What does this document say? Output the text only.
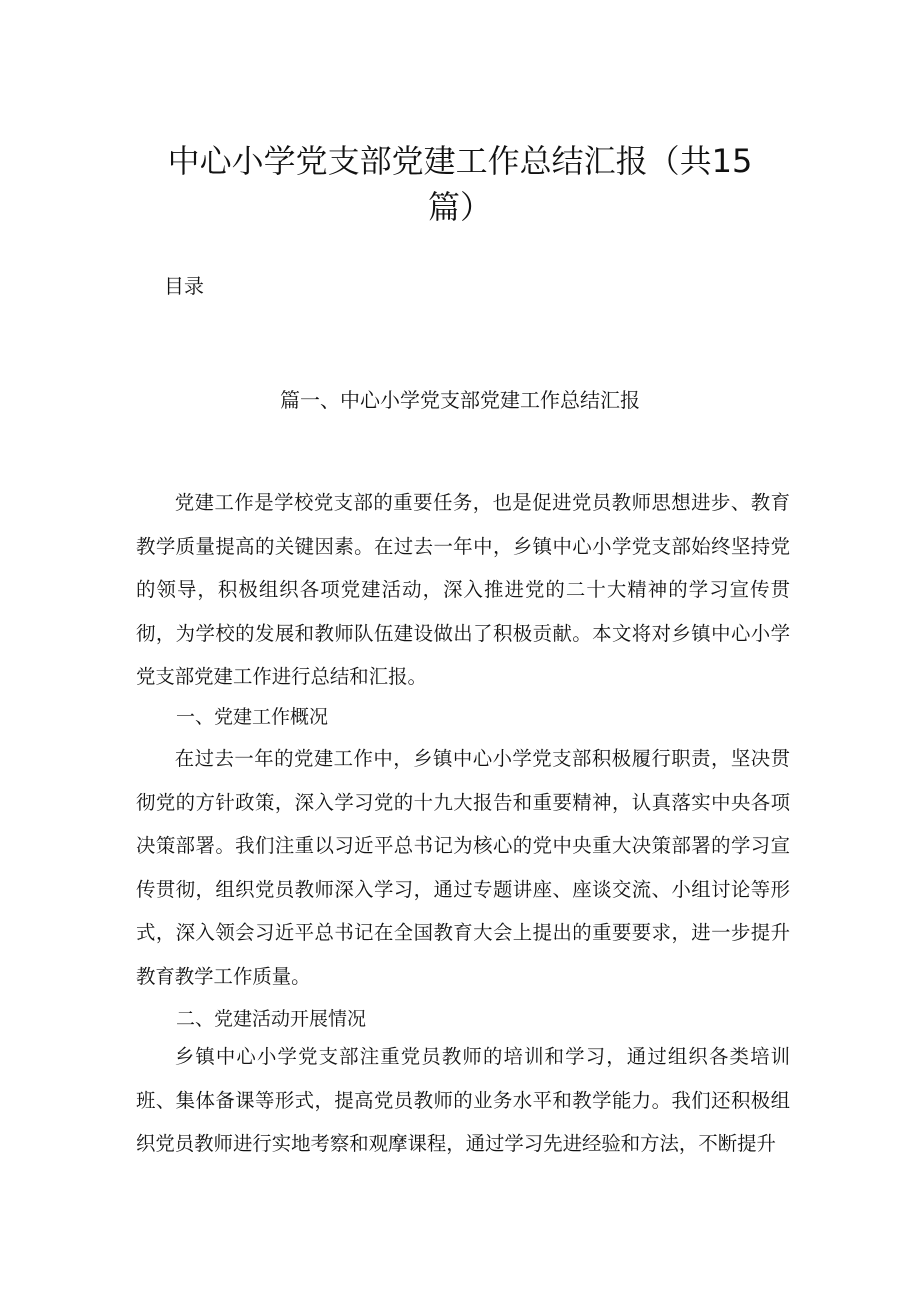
中心小学党支部党建工作总结汇报（共15篇）
目录
篇一、中心小学党支部党建工作总结汇报

党建工作是学校党支部的重要任务，也是促进党员教师思想进步、教育教学质量提高的关键因素。在过去一年中，乡镇中心小学党支部始终坚持党的领导，积极组织各项党建活动，深入推进党的二十大精神的学习宣传贯彻，为学校的发展和教师队伍建设做出了积极贡献。本文将对乡镇中心小学党支部党建工作进行总结和汇报。

一、党建工作概况

在过去一年的党建工作中，乡镇中心小学党支部积极履行职责，坚决贯彻党的方针政策，深入学习党的十九大报告和重要精神，认真落实中央各项决策部署。我们注重以习近平总书记为核心的党中央重大决策部署的学习宣传贯彻，组织党员教师深入学习，通过专题讲座、座谈交流、小组讨论等形式，深入领会习近平总书记在全国教育大会上提出的重要要求，进一步提升教育教学工作质量。

二、党建活动开展情况

乡镇中心小学党支部注重党员教师的培训和学习，通过组织各类培训班、集体备课等形式，提高党员教师的业务水平和教学能力。我们还积极组织党员教师进行实地考察和观摩课程，通过学习先进经验和方法，不断提升
